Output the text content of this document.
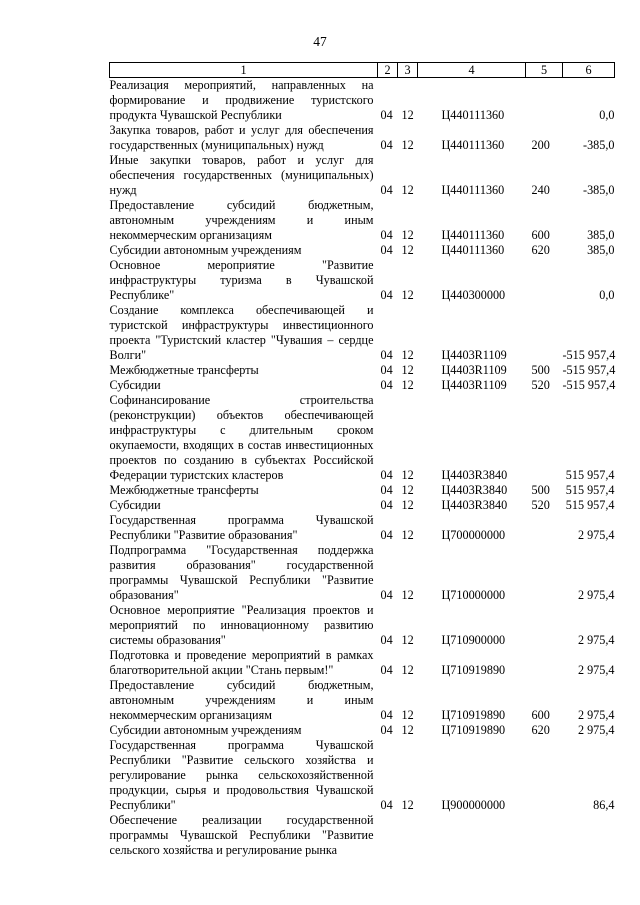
47
1	2	3	4	5	6
Реализация мероприятий, направленных на формирование и продвижение туристского продукта Чувашской Республики	04	12	Ц440111360		0,0
Закупка товаров, работ и услуг для обеспечения государственных (муниципальных) нужд	04	12	Ц440111360	200	-385,0
Иные закупки товаров, работ и услуг для обеспечения государственных (муниципальных) нужд	04	12	Ц440111360	240	-385,0
Предоставление субсидий бюджетным, автономным учреждениям и иным некоммерческим организациям	04	12	Ц440111360	600	385,0
Субсидии автономным учреждениям	04	12	Ц440111360	620	385,0
Основное мероприятие "Развитие инфраструктуры туризма в Чувашской Республике"	04	12	Ц440300000		0,0
Создание комплекса обеспечивающей и туристской инфраструктуры инвестиционного проекта "Туристский кластер "Чувашия – сердце Волги"	04	12	Ц4403R1109		-515 957,4
Межбюджетные трансферты	04	12	Ц4403R1109	500	-515 957,4
Субсидии	04	12	Ц4403R1109	520	-515 957,4
Софинансирование строительства (реконструкции) объектов обеспечивающей инфраструктуры с длительным сроком окупаемости, входящих в состав инвестиционных проектов по созданию в субъектах Российской Федерации туристских кластеров	04	12	Ц4403R3840		515 957,4
Межбюджетные трансферты	04	12	Ц4403R3840	500	515 957,4
Субсидии	04	12	Ц4403R3840	520	515 957,4
Государственная программа Чувашской Республики "Развитие образования"	04	12	Ц700000000		2 975,4
Подпрограмма "Государственная поддержка развития образования" государственной программы Чувашской Республики "Развитие образования"	04	12	Ц710000000		2 975,4
Основное мероприятие "Реализация проектов и мероприятий по инновационному развитию системы образования"	04	12	Ц710900000		2 975,4
Подготовка и проведение мероприятий в рамках благотворительной акции "Стань первым!"	04	12	Ц710919890		2 975,4
Предоставление субсидий бюджетным, автономным учреждениям и иным некоммерческим организациям	04	12	Ц710919890	600	2 975,4
Субсидии автономным учреждениям	04	12	Ц710919890	620	2 975,4
Государственная программа Чувашской Республики "Развитие сельского хозяйства и регулирование рынка сельскохозяйственной продукции, сырья и продовольствия Чувашской Республики"	04	12	Ц900000000		86,4
Обеспечение реализации государственной программы Чувашской Республики "Развитие сельского хозяйства и регулирование рынка					
